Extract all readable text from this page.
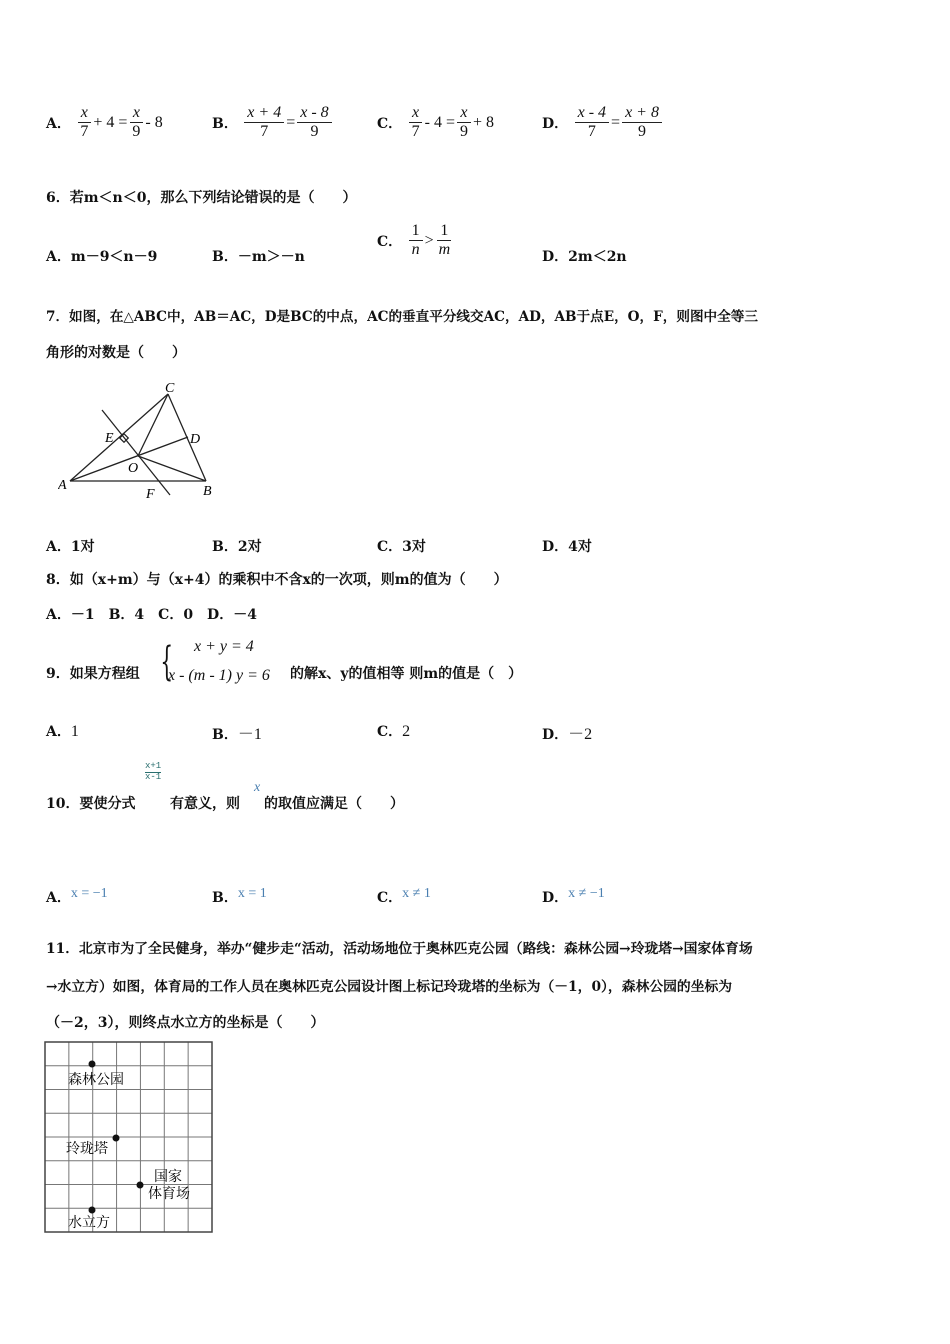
A． $\frac{x}{7} + 4 = \frac{x}{9} - 8$	B． $\frac{x + 4}{7} = \frac{x - 8}{9}$	C． $\frac{x}{7} - 4 = \frac{x}{9} + 8$	D． $\frac{x - 4}{7} = \frac{x + 8}{9}$
6．若m＜n＜0，那么下列结论错误的是（　　）
A．m－9＜n－9	B．－m＞－n
C． $\frac{1}{n} > \frac{1}{m}$	D．2m＜2n
7．如图，在△ABC中，AB＝AC，D是BC的中点，AC的垂直平分线交AC，AD，AB于点E，O，F，则图中全等三
角形的对数是（　　）
A	B
C
D
E
F
O
A．1对	B．2对	C．3对	D．4对
8．如（x+m）与（x+4）的乘积中不含x的一次项，则m的值为（　　）
A．－1　B．4　C．0　D．－4
9．如果方程组 { x + y = 4
x - (m - 1) y = 6 的解x、y的值相等 则m的值是（　）
A．1	B．－1	C．2	D．－2
10．要使分式
$\frac{x+1}{x-1}$
有意义，则
x
的取值应满足（　　）
A．x = −1	B．x = 1	C．x ≠ 1	D．x ≠ −1
11．北京市为了全民健身，举办“健步走“活动，活动场地位于奥林匹克公园（路线：森林公园→玲珑塔→国家体育场
→水立方）如图，体育局的工作人员在奥林匹克公园设计图上标记玲珑塔的坐标为（－1，0），森林公园的坐标为
（－2，3），则终点水立方的坐标是（　　）
森林公园
玲珑塔
国家
体育场
水立方
